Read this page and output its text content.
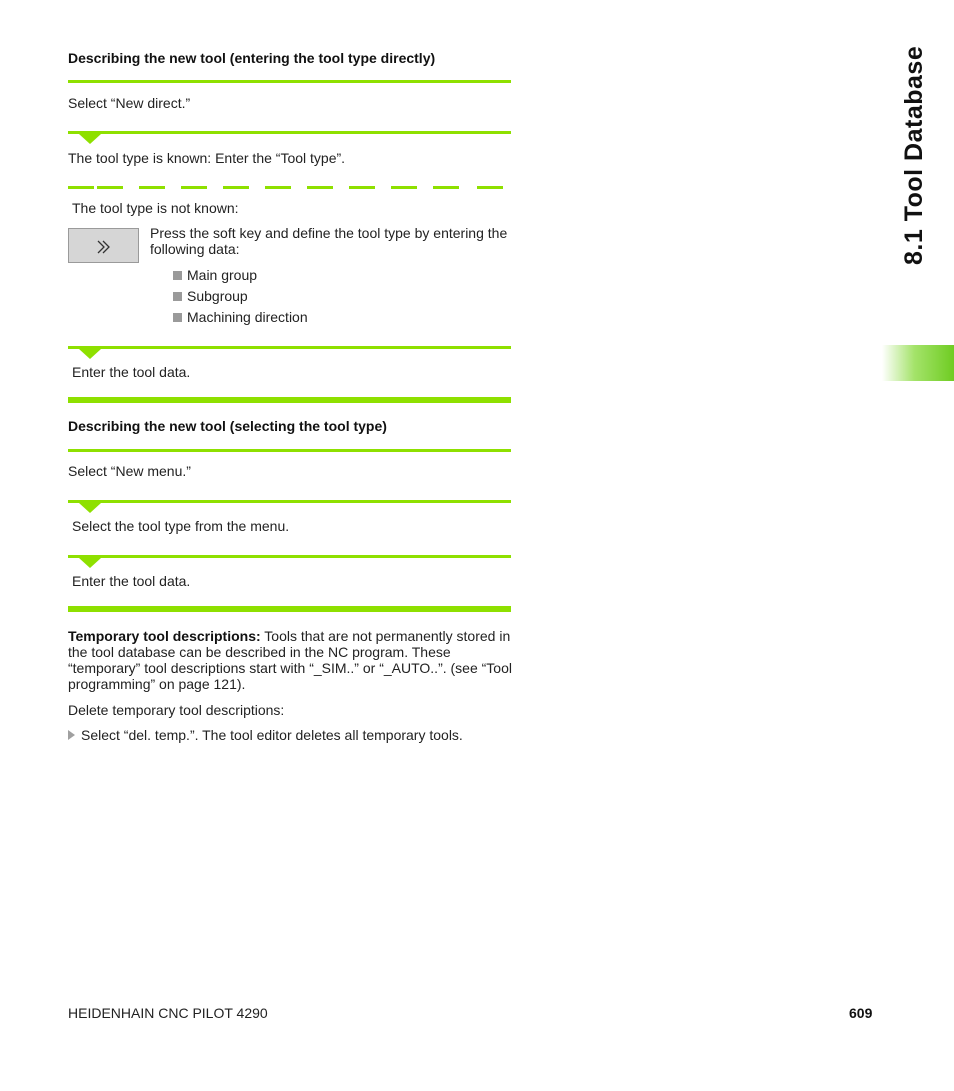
Describing the new tool (entering the tool type directly)
Select “New direct.”
The tool type is known: Enter the “Tool type”.
The tool type is not known:
Press the soft key and define the tool type by entering the following data:
Main group
Subgroup
Machining direction
Enter the tool data.
Describing the new tool (selecting the tool type)
Select “New menu.”
Select the tool type from the menu.
Enter the tool data.
Temporary tool descriptions: Tools that are not permanently stored in the tool database can be described in the NC program. These “temporary” tool descriptions start with “_SIM..” or “_AUTO..”. (see “Tool programming” on page 121).
Delete temporary tool descriptions:
Select “del. temp.”. The tool editor deletes all temporary tools.
8.1 Tool Database
HEIDENHAIN CNC PILOT 4290	609
